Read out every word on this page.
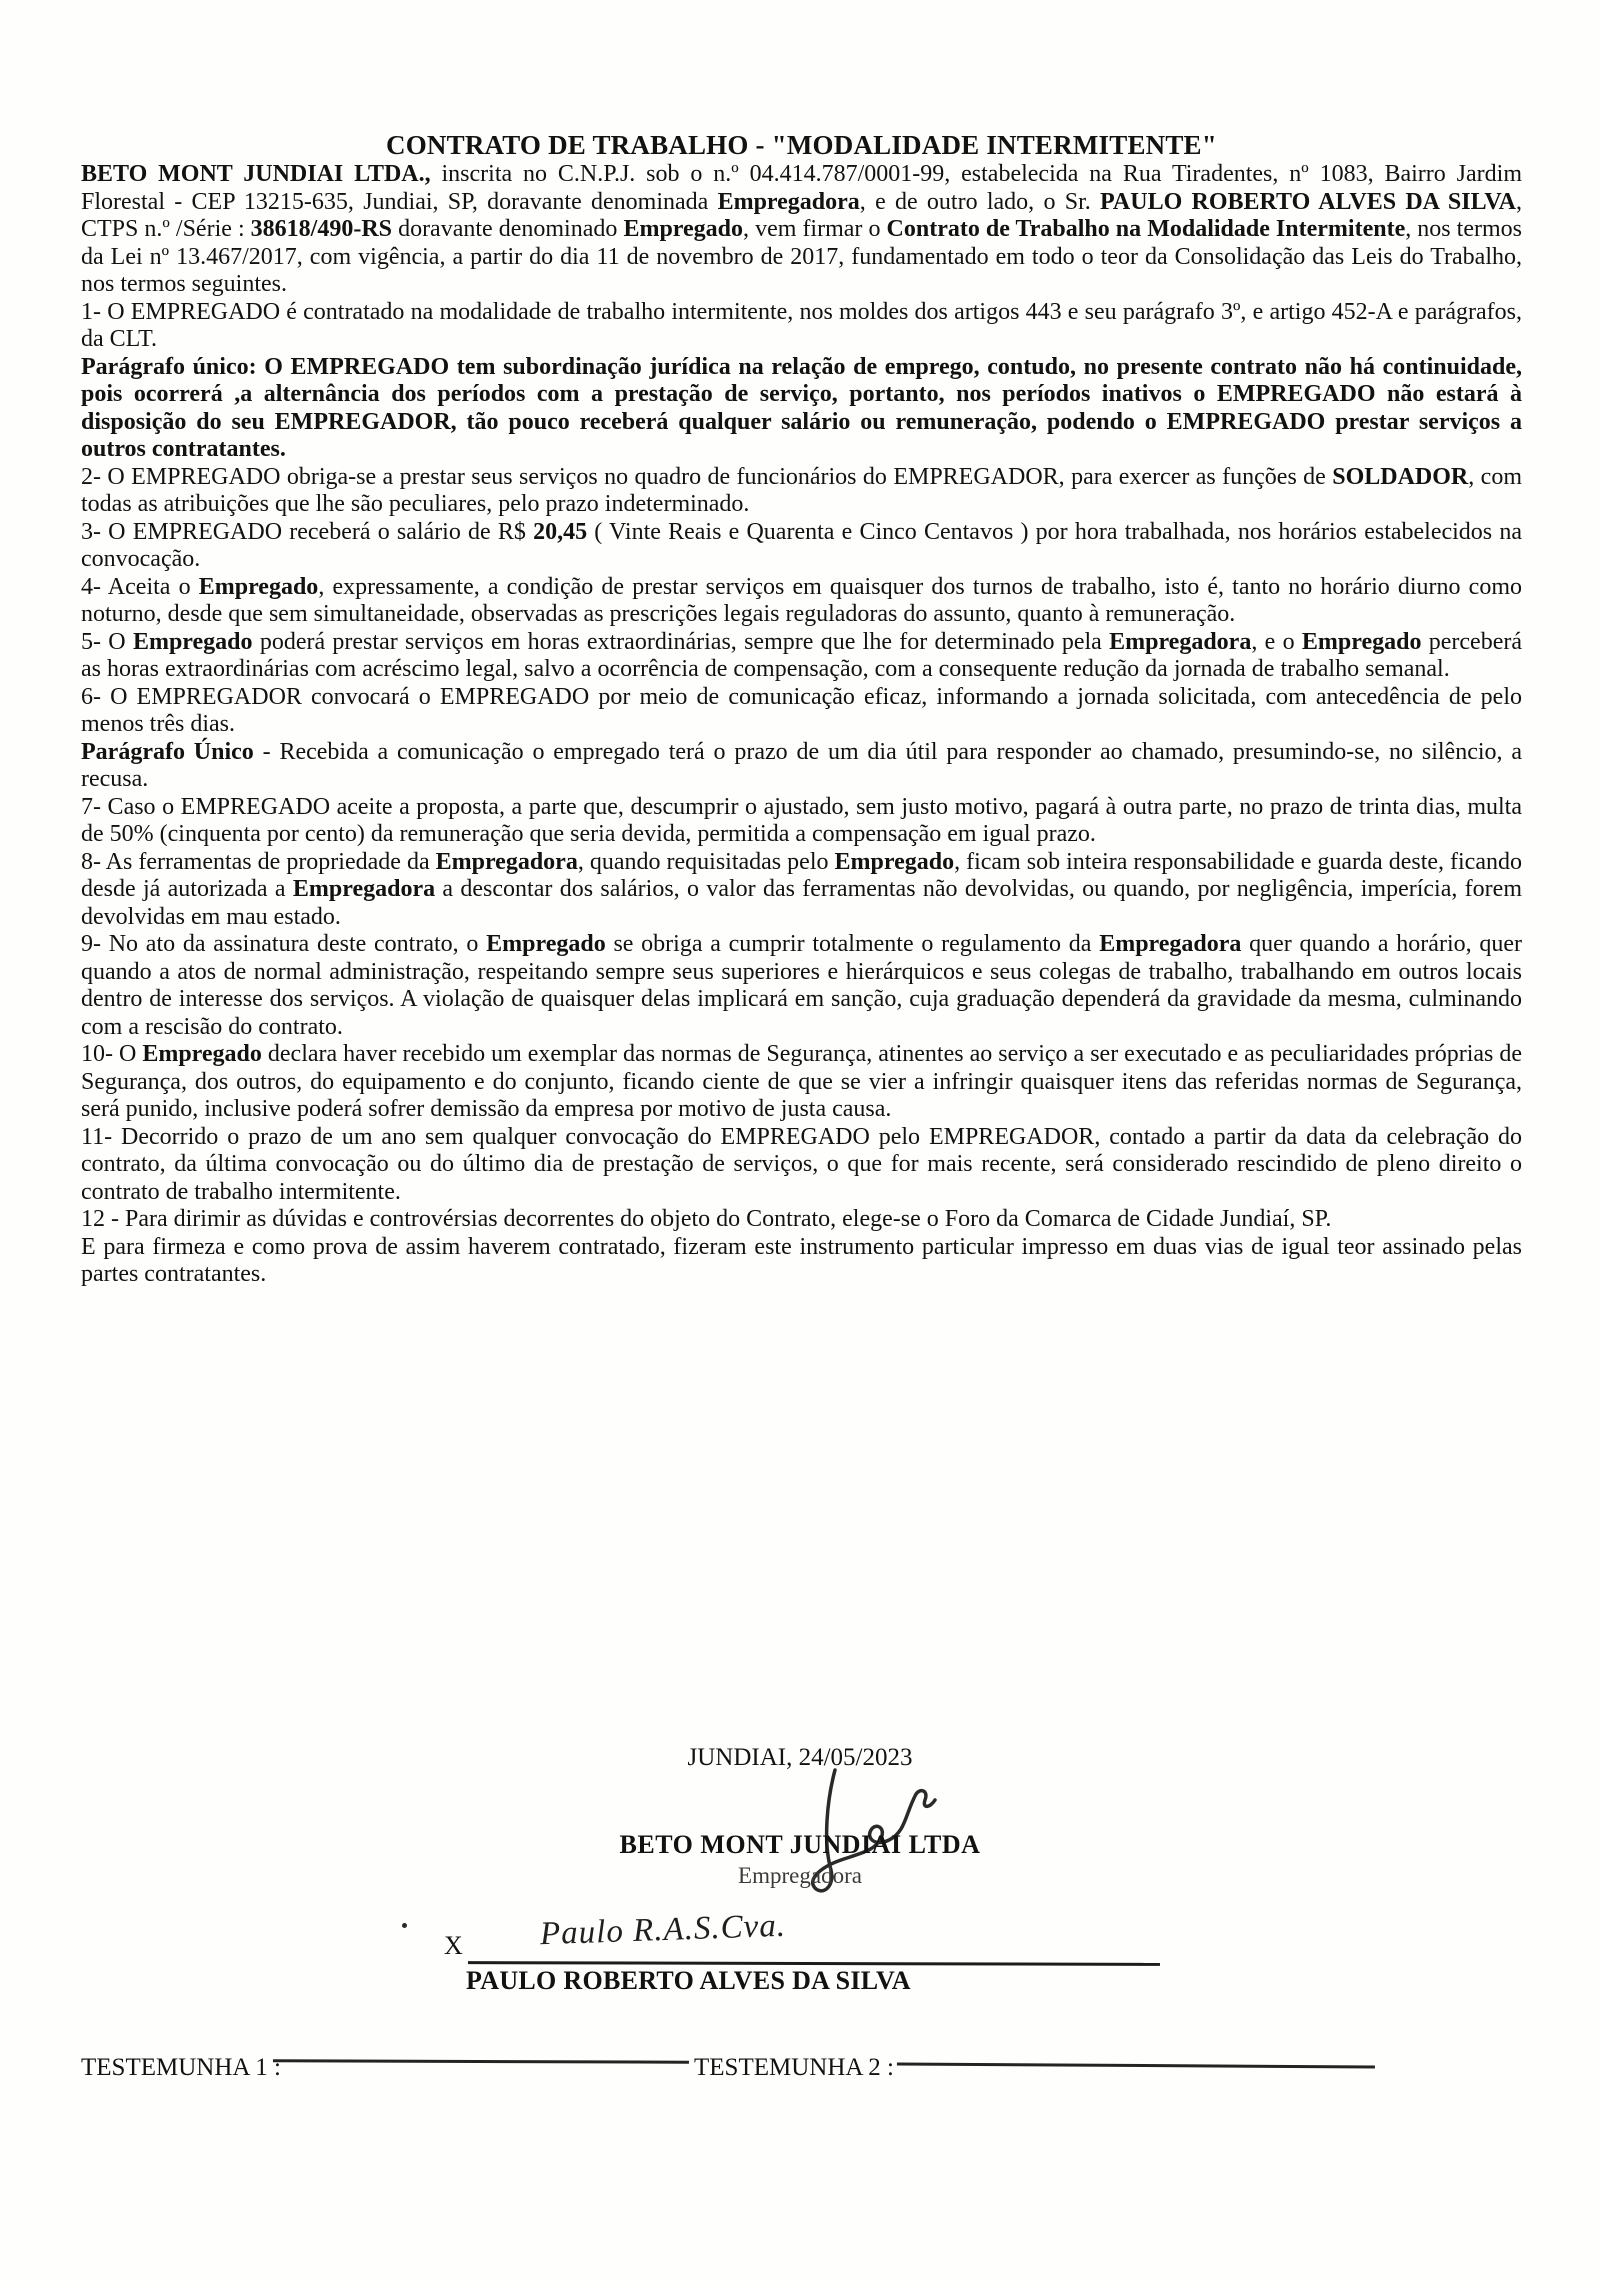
CONTRATO DE TRABALHO - "MODALIDADE INTERMITENTE"

BETO MONT JUNDIAI LTDA., inscrita no C.N.P.J. sob o n.º 04.414.787/0001-99, estabelecida na Rua Tiradentes, nº 1083, Bairro Jardim Florestal - CEP 13215-635, Jundiai, SP, doravante denominada Empregadora, e de outro lado, o Sr. PAULO ROBERTO ALVES DA SILVA, CTPS n.º /Série : 38618/490-RS doravante denominado Empregado, vem firmar o Contrato de Trabalho na Modalidade Intermitente, nos termos da Lei nº 13.467/2017, com vigência, a partir do dia 11 de novembro de 2017, fundamentado em todo o teor da Consolidação das Leis do Trabalho, nos termos seguintes.

1- O EMPREGADO é contratado na modalidade de trabalho intermitente, nos moldes dos artigos 443 e seu parágrafo 3º, e artigo 452-A e parágrafos, da CLT.

Parágrafo único: O EMPREGADO tem subordinação jurídica na relação de emprego, contudo, no presente contrato não há continuidade, pois ocorrerá ,a alternância dos períodos com a prestação de serviço, portanto, nos períodos inativos o EMPREGADO não estará à disposição do seu EMPREGADOR, tão pouco receberá qualquer salário ou remuneração, podendo o EMPREGADO prestar serviços a outros contratantes.

2- O EMPREGADO obriga-se a prestar seus serviços no quadro de funcionários do EMPREGADOR, para exercer as funções de SOLDADOR, com todas as atribuições que lhe são peculiares, pelo prazo indeterminado.

3- O EMPREGADO receberá o salário de R$ 20,45 ( Vinte Reais e Quarenta e Cinco Centavos ) por hora trabalhada, nos horários estabelecidos na convocação.

4- Aceita o Empregado, expressamente, a condição de prestar serviços em quaisquer dos turnos de trabalho, isto é, tanto no horário diurno como noturno, desde que sem simultaneidade, observadas as prescrições legais reguladoras do assunto, quanto à remuneração.

5- O Empregado poderá prestar serviços em horas extraordinárias, sempre que lhe for determinado pela Empregadora, e o Empregado perceberá as horas extraordinárias com acréscimo legal, salvo a ocorrência de compensação, com a consequente redução da jornada de trabalho semanal.

6- O EMPREGADOR convocará o EMPREGADO por meio de comunicação eficaz, informando a jornada solicitada, com antecedência de pelo menos três dias.

Parágrafo Único - Recebida a comunicação o empregado terá o prazo de um dia útil para responder ao chamado, presumindo-se, no silêncio, a recusa.

7- Caso o EMPREGADO aceite a proposta, a parte que, descumprir o ajustado, sem justo motivo, pagará à outra parte, no prazo de trinta dias, multa de 50% (cinquenta por cento) da remuneração que seria devida, permitida a compensação em igual prazo.

8- As ferramentas de propriedade da Empregadora, quando requisitadas pelo Empregado, ficam sob inteira responsabilidade e guarda deste, ficando desde já autorizada a Empregadora a descontar dos salários, o valor das ferramentas não devolvidas, ou quando, por negligência, imperícia, forem devolvidas em mau estado.

9- No ato da assinatura deste contrato, o Empregado se obriga a cumprir totalmente o regulamento da Empregadora quer quando a horário, quer quando a atos de normal administração, respeitando sempre seus superiores e hierárquicos e seus colegas de trabalho, trabalhando em outros locais dentro de interesse dos serviços. A violação de quaisquer delas implicará em sanção, cuja graduação dependerá da gravidade da mesma, culminando com a rescisão do contrato.

10- O Empregado declara haver recebido um exemplar das normas de Segurança, atinentes ao serviço a ser executado e as peculiaridades próprias de Segurança, dos outros, do equipamento e do conjunto, ficando ciente de que se vier a infringir quaisquer itens das referidas normas de Segurança, será punido, inclusive poderá sofrer demissão da empresa por motivo de justa causa.

11- Decorrido o prazo de um ano sem qualquer convocação do EMPREGADO pelo EMPREGADOR, contado a partir da data da celebração do contrato, da última convocação ou do último dia de prestação de serviços, o que for mais recente, será considerado rescindido de pleno direito o contrato de trabalho intermitente.

12 - Para dirimir as dúvidas e controvérsias decorrentes do objeto do Contrato, elege-se o Foro da Comarca de Cidade Jundiaí, SP.

E para firmeza e como prova de assim haverem contratado, fizeram este instrumento particular impresso em duas vias de igual teor assinado pelas partes contratantes.

JUNDIAI, 24/05/2023
BETO MONT JUNDIAI LTDA
Empregadora
X Paulo R.A.S.Cva.
PAULO ROBERTO ALVES DA SILVA
TESTEMUNHA 1 :	TESTEMUNHA 2 :
